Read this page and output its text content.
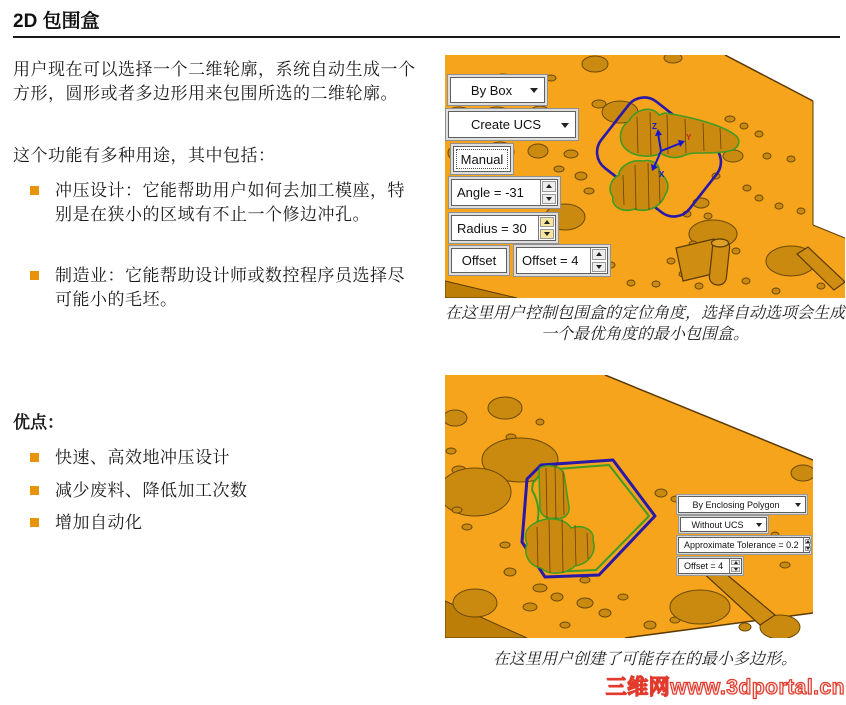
2D 包围盒
用户现在可以选择一个二维轮廓，系统自动生成一个方形，圆形或者多边形用来包围所选的二维轮廓。
这个功能有多种用途，其中包括：
冲压设计：它能帮助用户如何去加工模座，特别是在狭小的区域有不止一个修边冲孔。
制造业：它能帮助设计师或数控程序员选择尽可能小的毛坯。
优点：
快速、高效地冲压设计
减少废料、降低加工次数
增加自动化
Z
Y
X
By Box
Create UCS
Manual
Angle = -31
Radius = 30
Offset Offset = 4
在这里用户控制包围盒的定位角度，选择自动选项会生成一个最优角度的最小包围盒。
By Enclosing Polygon
Without UCS
Approximate Tolerance = 0.2
Offset = 4
在这里用户创建了可能存在的最小多边形。
三维网www.3dportal.cn
